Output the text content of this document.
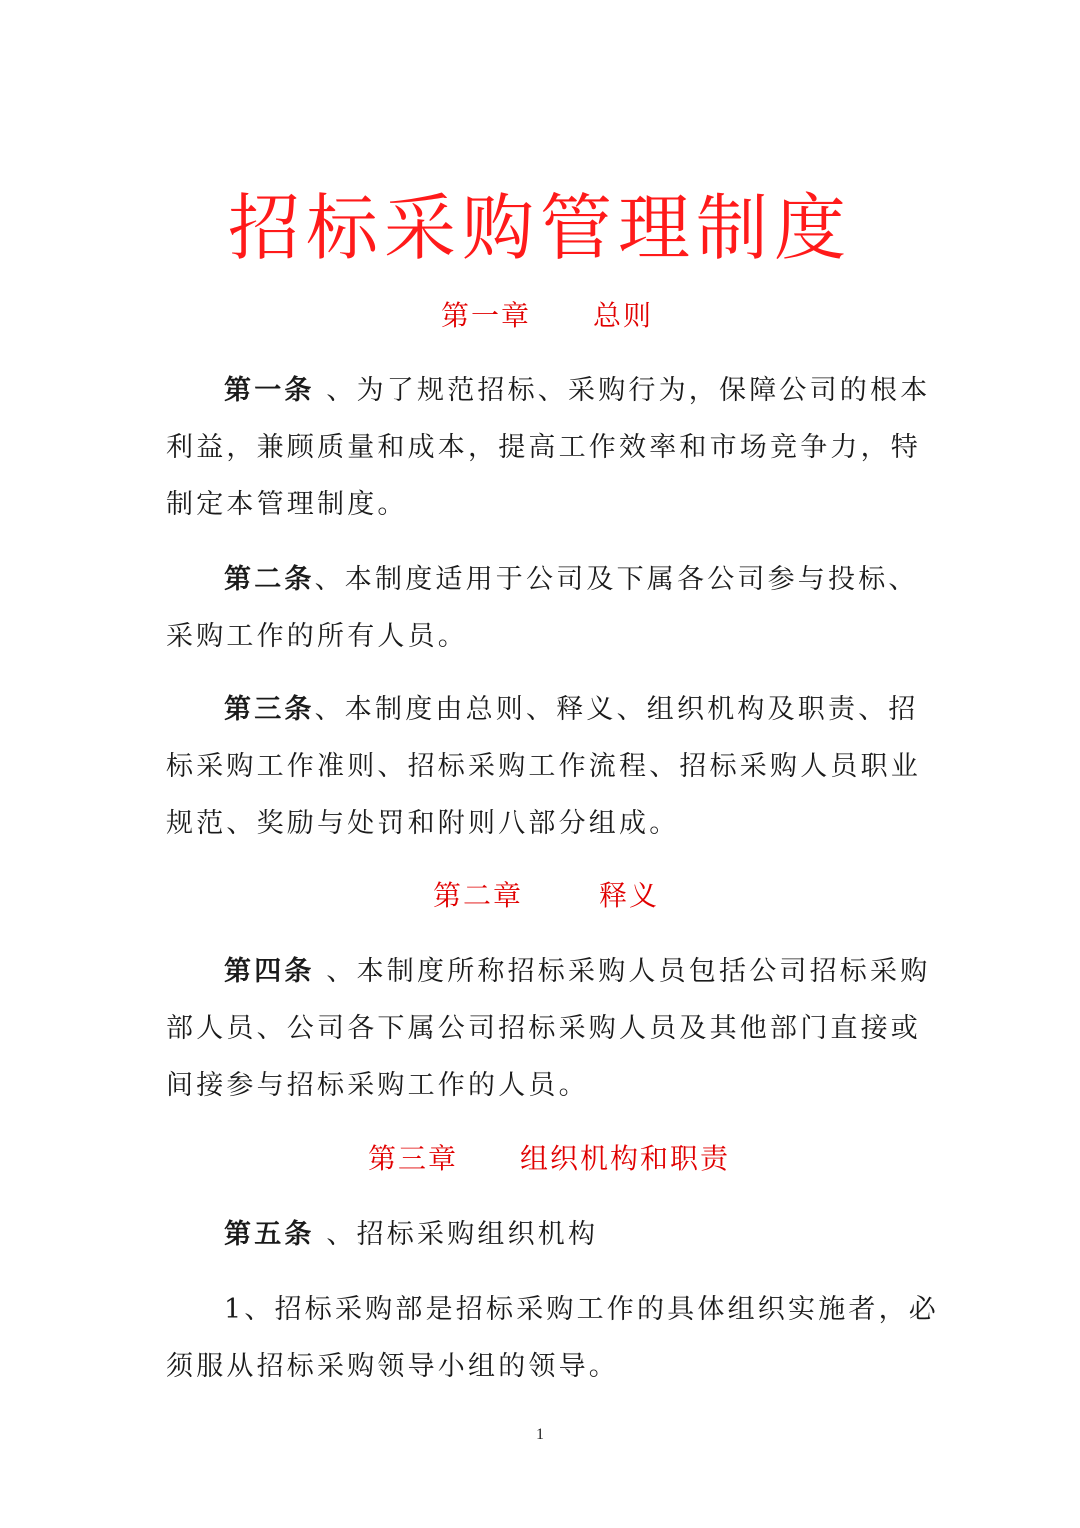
招标采购管理制度
第一章 总则
第一条 、为了规范招标、采购行为，保障公司的根本
利益，兼顾质量和成本，提高工作效率和市场竞争力，特
制定本管理制度。
第二条、本制度适用于公司及下属各公司参与投标、
采购工作的所有人员。
第三条、本制度由总则、释义、组织机构及职责、招
标采购工作准则、招标采购工作流程、招标采购人员职业
规范、奖励与处罚和附则八部分组成。
第二章	释义
第四条 、本制度所称招标采购人员包括公司招标采购
部人员、公司各下属公司招标采购人员及其他部门直接或
间接参与招标采购工作的人员。
第三章 组织机构和职责
第五条 、招标采购组织机构
1、招标采购部是招标采购工作的具体组织实施者，必
须服从招标采购领导小组的领导。
1
